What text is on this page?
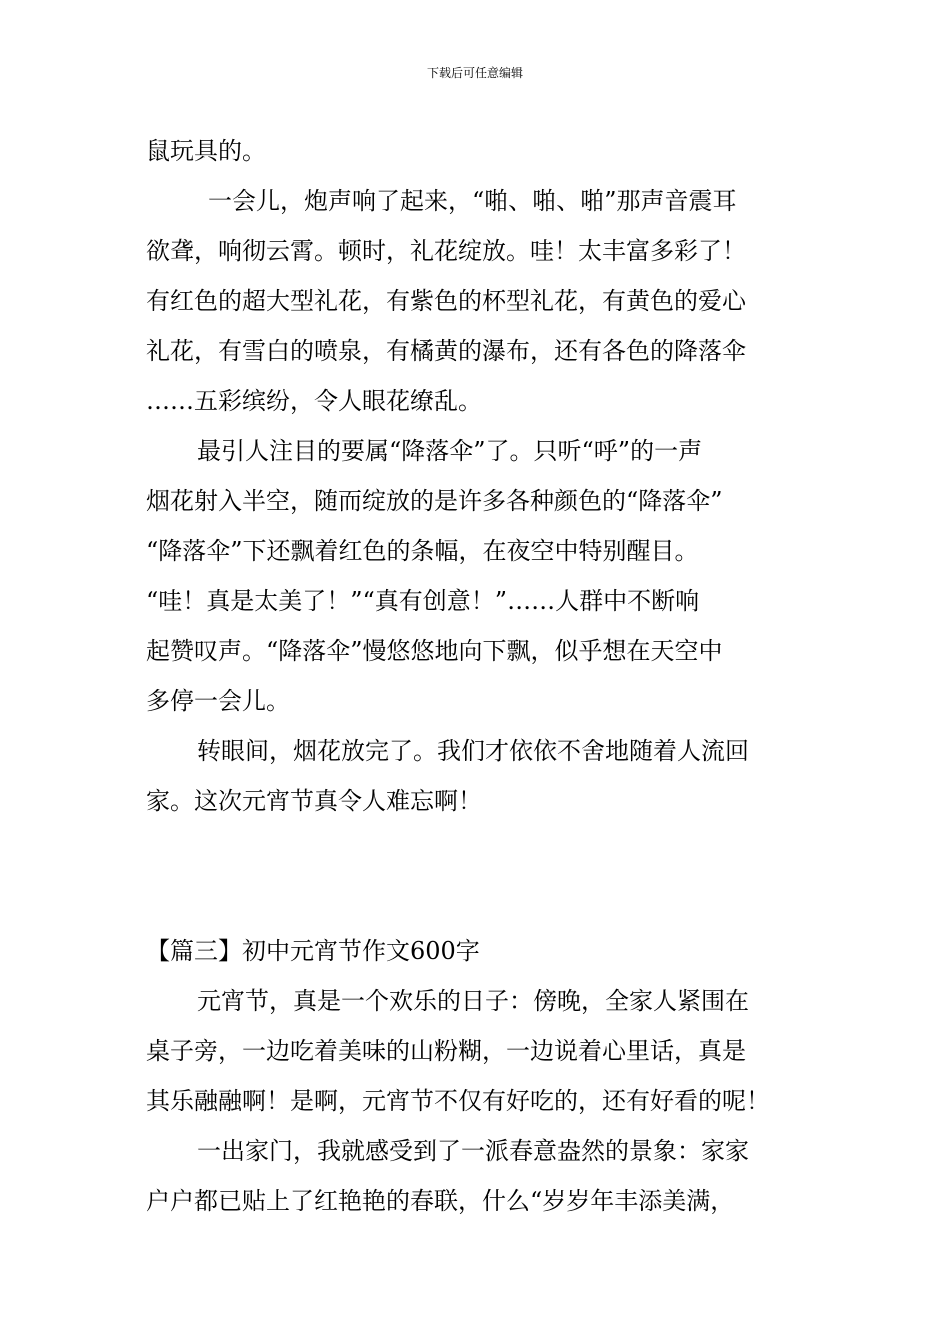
下载后可任意编辑
鼠玩具的。
一会儿，炮声响了起来，“啪、啪、啪”那声音震耳
欲聋，响彻云霄。顿时，礼花绽放。哇！太丰富多彩了！
有红色的超大型礼花，有紫色的杯型礼花，有黄色的爱心
礼花，有雪白的喷泉，有橘黄的瀑布，还有各色的降落伞
……五彩缤纷，令人眼花缭乱。
最引人注目的要属“降落伞”了。只听“呼”的一声
烟花射入半空，随而绽放的是许多各种颜色的“降落伞”
“降落伞”下还飘着红色的条幅，在夜空中特别醒目。
“哇！真是太美了！”“真有创意！”……人群中不断响
起赞叹声。“降落伞”慢悠悠地向下飘，似乎想在天空中
多停一会儿。
转眼间，烟花放完了。我们才依依不舍地随着人流回
家。这次元宵节真令人难忘啊！
【篇三】初中元宵节作文600字
元宵节，真是一个欢乐的日子：傍晚，全家人紧围在
桌子旁，一边吃着美味的山粉糊，一边说着心里话，真是
其乐融融啊！是啊，元宵节不仅有好吃的，还有好看的呢！
一出家门，我就感受到了一派春意盎然的景象：家家
户户都已贴上了红艳艳的春联，什么“岁岁年丰添美满，
